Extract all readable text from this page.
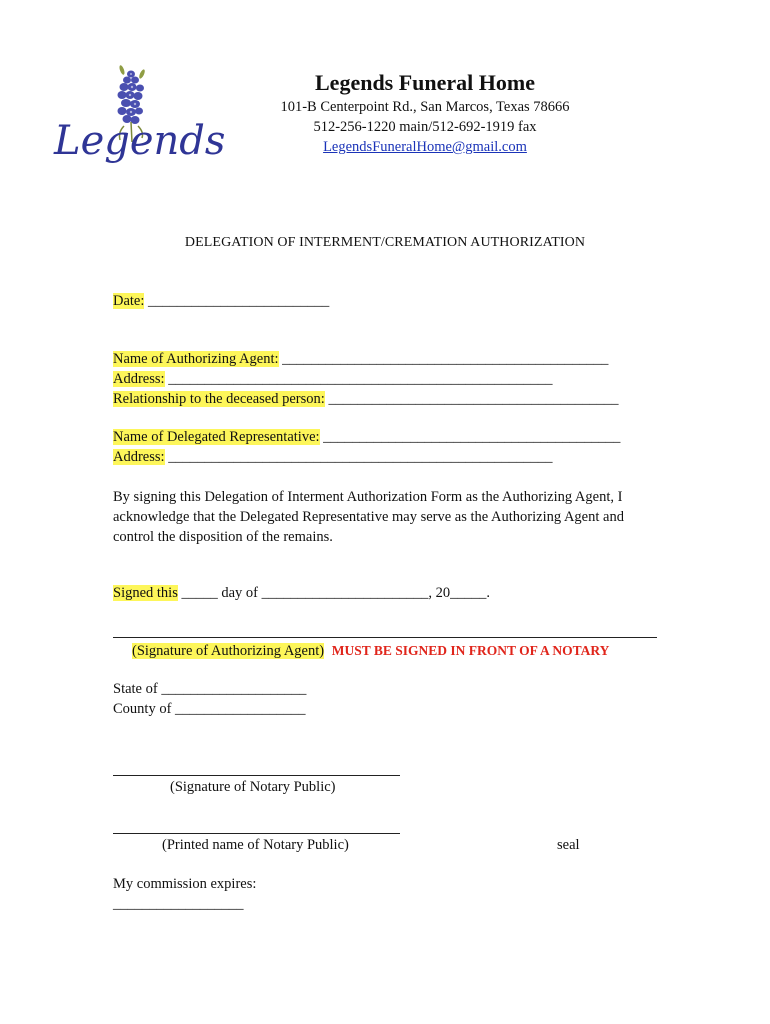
Legends
Legends Funeral Home
101-B Centerpoint Rd., San Marcos, Texas 78666
512-256-1220 main/512-692-1919 fax
LegendsFuneralHome@gmail.com
DELEGATION OF INTERMENT/CREMATION AUTHORIZATION
Date: _________________________
Name of Authorizing Agent: _____________________________________________
Address: _____________________________________________________
Relationship to the deceased person: ________________________________________
Name of Delegated Representative: _________________________________________
Address: _____________________________________________________
By signing this Delegation of Interment Authorization Form as the Authorizing Agent, I acknowledge that the Delegated Representative may serve as the Authorizing Agent and control the disposition of the remains.
Signed this _____ day of _______________________, 20_____.
(Signature of Authorizing Agent) MUST BE SIGNED IN FRONT OF A NOTARY
State of ____________________
County of __________________
(Signature of Notary Public)
(Printed name of Notary Public)	seal
My commission expires:
__________________
